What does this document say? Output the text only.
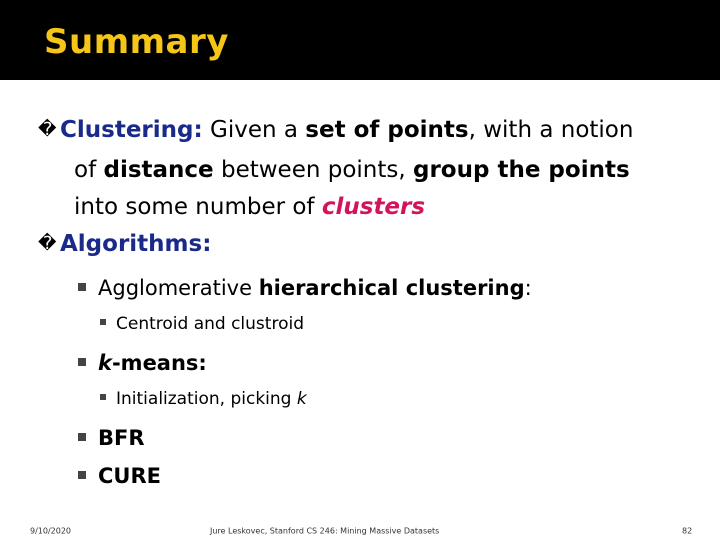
Summary
� Clustering: Given a set of points, with a notion
of distance between points, group the points
into some number of clusters
� Algorithms:
Agglomerative hierarchical clustering:
Centroid and clustroid
k-means:
Initialization, picking k
BFR
CURE
9/10/2020	Jure Leskovec, Stanford CS 246: Mining Massive Datasets	82
